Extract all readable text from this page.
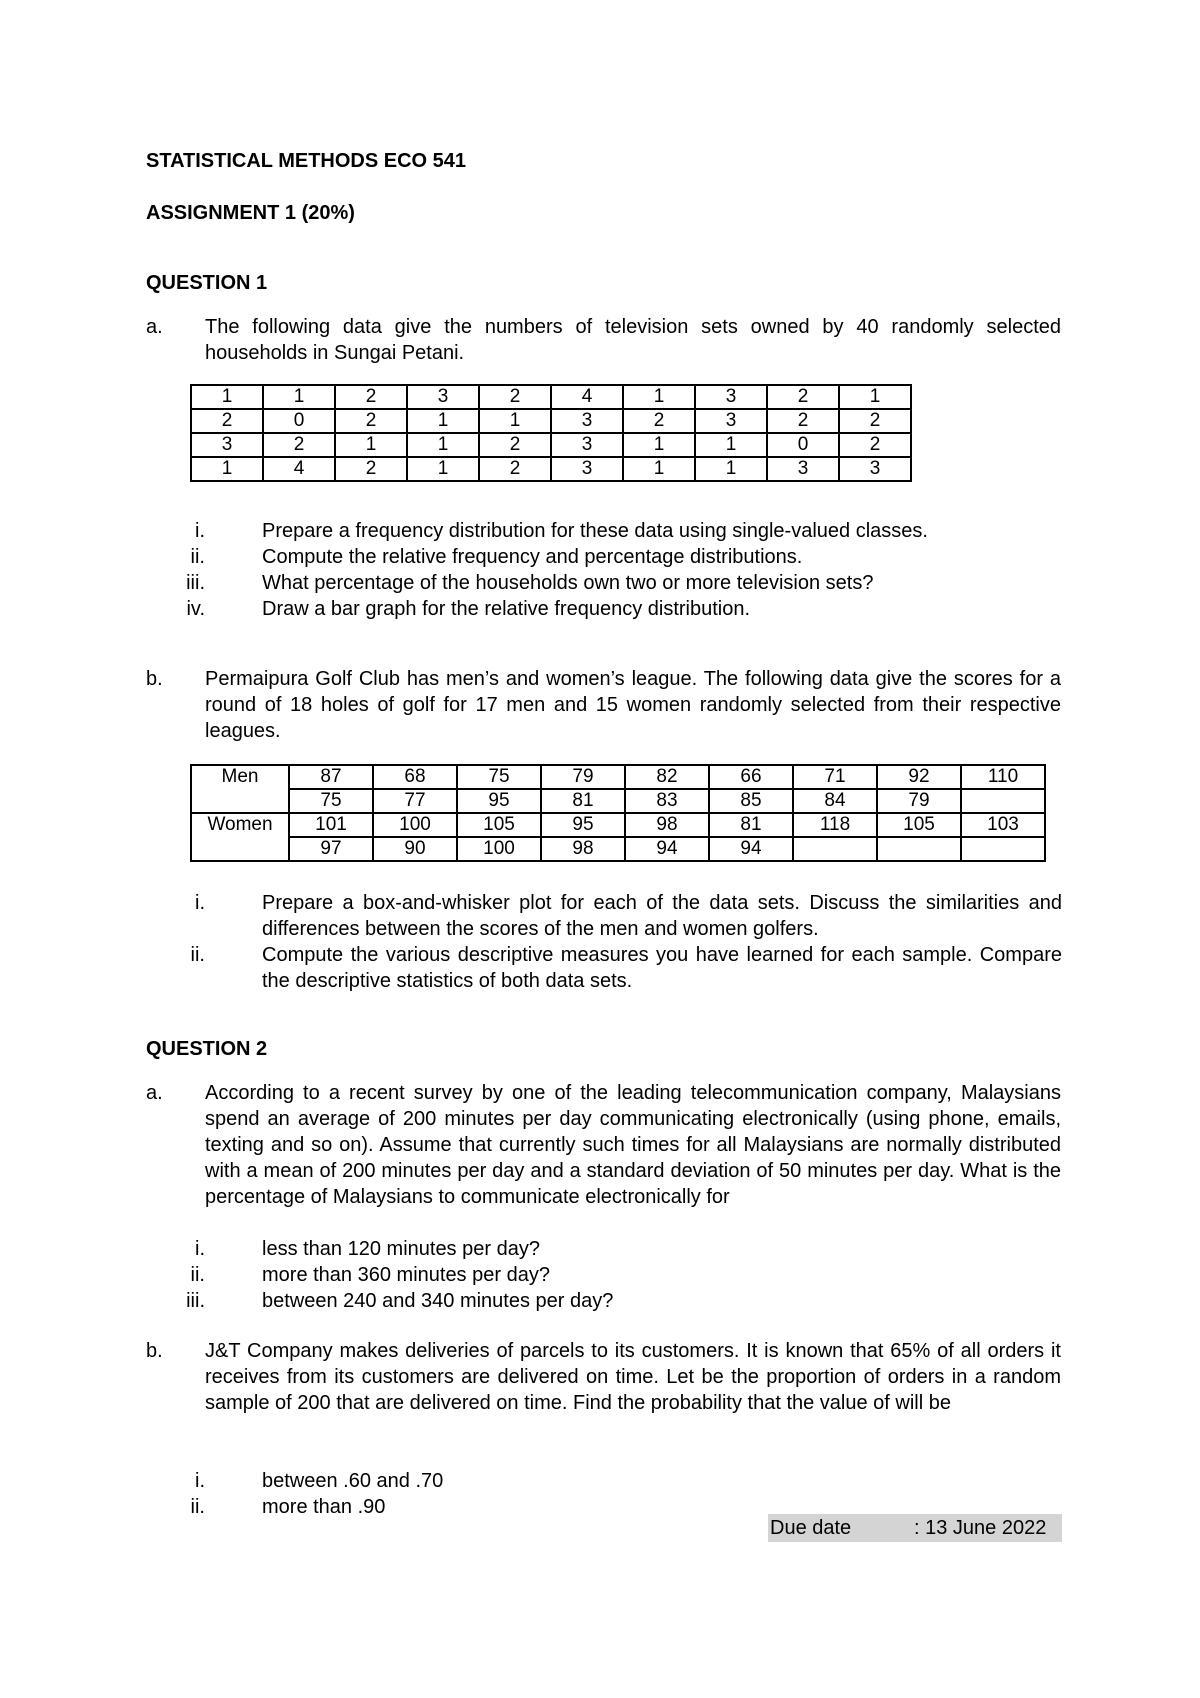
STATISTICAL METHODS ECO 541
ASSIGNMENT 1 (20%)
QUESTION 1
a. The following data give the numbers of television sets owned by 40 randomly selected households in Sungai Petani.
1	1	2	3	2	4	1	3	2	1
2	0	2	1	1	3	2	3	2	2
3	2	1	1	2	3	1	1	0	2
1	4	2	1	2	3	1	1	3	3
i.	Prepare a frequency distribution for these data using single-valued classes.
ii.	Compute the relative frequency and percentage distributions.
iii.	What percentage of the households own two or more television sets?
iv.	Draw a bar graph for the relative frequency distribution.
b. Permaipura Golf Club has men’s and women’s league. The following data give the scores for a round of 18 holes of golf for 17 men and 15 women randomly selected from their respective leagues.
Men	87	68	75	79	82	66	71	92	110
	75	77	95	81	83	85	84	79	
Women	101	100	105	95	98	81	118	105	103
	97	90	100	98	94	94			
i.	Prepare a box-and-whisker plot for each of the data sets. Discuss the similarities and differences between the scores of the men and women golfers.
ii.	Compute the various descriptive measures you have learned for each sample. Compare the descriptive statistics of both data sets.
QUESTION 2
a. According to a recent survey by one of the leading telecommunication company, Malaysians spend an average of 200 minutes per day communicating electronically (using phone, emails, texting and so on). Assume that currently such times for all Malaysians are normally distributed with a mean of 200 minutes per day and a standard deviation of 50 minutes per day. What is the percentage of Malaysians to communicate electronically for
i.	less than 120 minutes per day?
ii.	more than 360 minutes per day?
iii.	between 240 and 340 minutes per day?
b. J&T Company makes deliveries of parcels to its customers. It is known that 65% of all orders it receives from its customers are delivered on time. Let be the proportion of orders in a random sample of 200 that are delivered on time. Find the probability that the value of will be
i.	between .60 and .70
ii.	more than .90
Due date	: 13 June 2022
